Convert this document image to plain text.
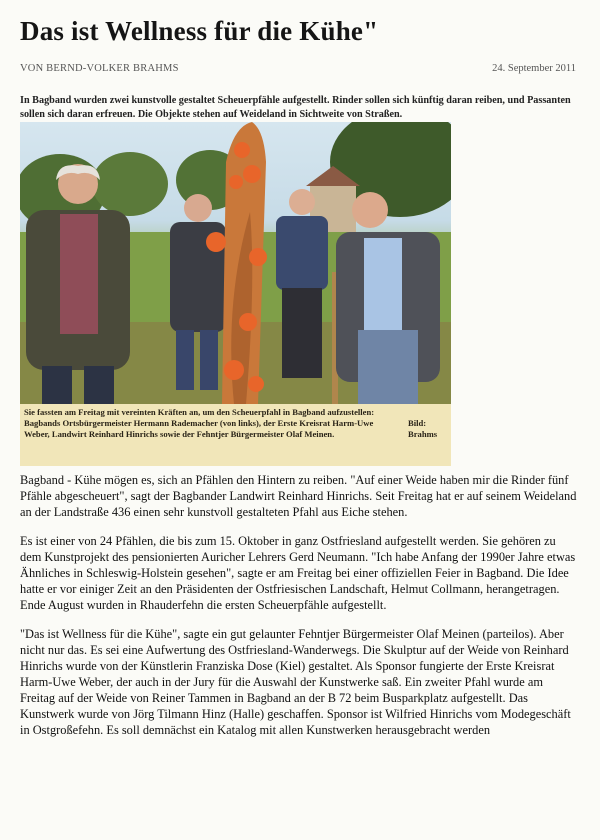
Das ist Wellness für die Kühe"
VON BERND-VOLKER BRAHMS	24. September 2011
In Bagband wurden zwei kunstvolle gestaltet Scheuerpfähle aufgestellt. Rinder sollen sich künftig daran reiben, und Passanten sollen sich daran erfreuen. Die Objekte stehen auf Weideland in Sichtweite von Straßen.
Sie fassten am Freitag mit vereinten Kräften an, um den Scheuerpfahl in Bagband aufzustellen: Bagbands Ortsbürgermeister Hermann Rademacher (von links), der Erste Kreisrat Harm-Uwe Weber, Landwirt Reinhard Hinrichs sowie der Fehntjer Bürgermeister Olaf Meinen.
Bild:
Brahms

Bagband - Kühe mögen es, sich an Pfählen den Hintern zu reiben. "Auf einer Weide haben mir die Rinder fünf Pfähle abgescheuert", sagt der Bagbander Landwirt Reinhard Hinrichs. Seit Freitag hat er auf seinem Weideland an der Landstraße 436 einen sehr kunstvoll gestalteten Pfahl aus Eiche stehen.

Es ist einer von 24 Pfählen, die bis zum 15. Oktober in ganz Ostfriesland aufgestellt werden. Sie gehören zu dem Kunstprojekt des pensionierten Auricher Lehrers Gerd Neumann. "Ich habe Anfang der 1990er Jahre etwas Ähnliches in Schleswig-Holstein gesehen", sagte er am Freitag bei einer offiziellen Feier in Bagband. Die Idee hatte er vor einiger Zeit an den Präsidenten der Ostfriesischen Landschaft, Helmut Collmann, herangetragen. Ende August wurden in Rhauderfehn die ersten Scheuerpfähle aufgestellt.

"Das ist Wellness für die Kühe", sagte ein gut gelaunter Fehntjer Bürgermeister Olaf Meinen (parteilos). Aber nicht nur das. Es sei eine Aufwertung des Ostfriesland-Wanderwegs. Die Skulptur auf der Weide von Reinhard Hinrichs wurde von der Künstlerin Franziska Dose (Kiel) gestaltet. Als Sponsor fungierte der Erste Kreisrat Harm-Uwe Weber, der auch in der Jury für die Auswahl der Kunstwerke saß. Ein zweiter Pfahl wurde am Freitag auf der Weide von Reiner Tammen in Bagband an der B 72 beim Busparkplatz aufgestellt. Das Kunstwerk wurde von Jörg Tilmann Hinz (Halle) geschaffen. Sponsor ist Wilfried Hinrichs vom Modegeschäft in Ostgroßefehn. Es soll demnächst ein Katalog mit allen Kunstwerken herausgebracht werden
